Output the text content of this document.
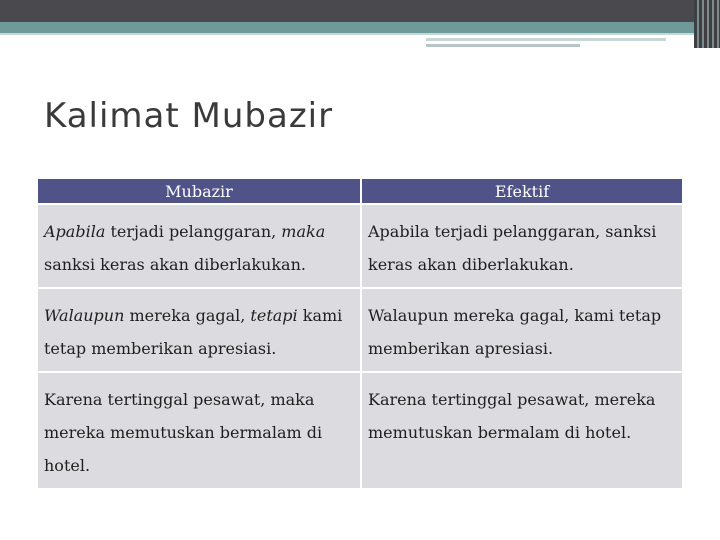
Kalimat Mubazir
Mubazir	Efektif
Apabila terjadi pelanggaran, maka sanksi keras akan diberlakukan.	Apabila terjadi pelanggaran, sanksi keras akan diberlakukan.
Walaupun mereka gagal, tetapi kami tetap memberikan apresiasi.	Walaupun mereka gagal, kami tetap memberikan apresiasi.
Karena tertinggal pesawat, maka mereka memutuskan bermalam di hotel.	Karena tertinggal pesawat, mereka memutuskan bermalam di hotel.
